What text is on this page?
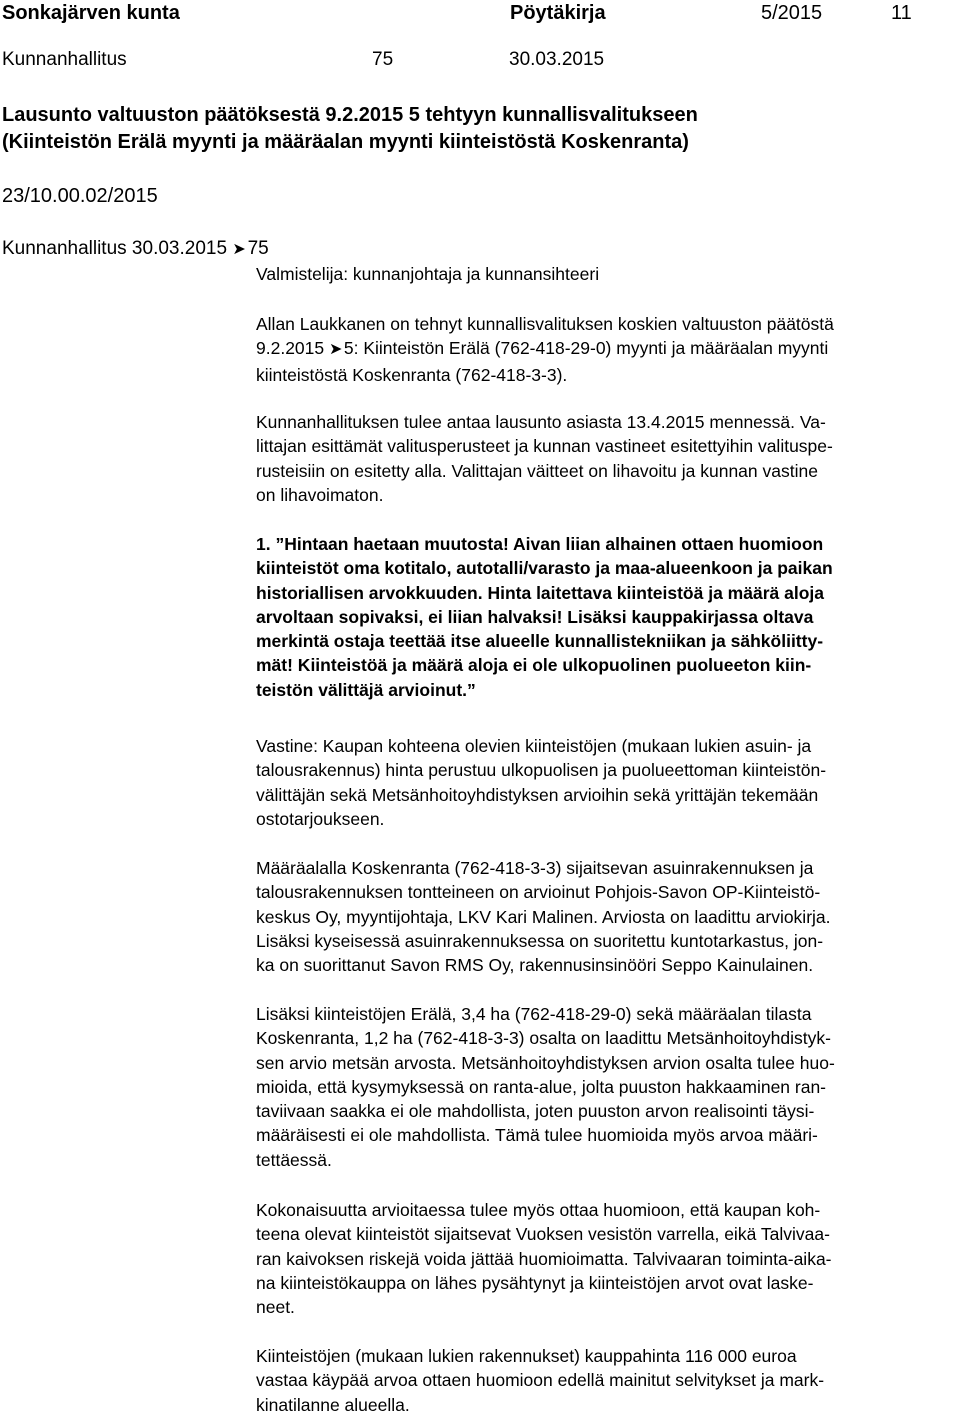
Sonkajärven kunta	Pöytäkirja	5/2015	11
Kunnanhallitus	75	30.03.2015
Lausunto valtuuston päätöksestä 9.2.2015 5 tehtyyn kunnallisvalitukseen
(Kiinteistön Erälä myynti ja määräalan myynti kiinteistöstä Koskenranta)
23/10.00.02/2015
Kunnanhallitus 30.03.2015 ➤ 75
Valmistelija: kunnanjohtaja ja kunnansihteeri
Allan Laukkanen on tehnyt kunnallisvalituksen koskien valtuuston päätöstä
9.2.2015 ➤ 5: Kiinteistön Erälä (762-418-29-0) myynti ja määräalan myynti
kiinteistöstä Koskenranta (762-418-3-3).
Kunnanhallituksen tulee antaa lausunto asiasta 13.4.2015 mennessä. Va-
littajan esittämät valitusperusteet ja kunnan vastineet esitettyihin valituspe-
rusteisiin on esitetty alla. Valittajan väitteet on lihavoitu ja kunnan vastine
on lihavoimaton.
1. ”Hintaan haetaan muutosta! Aivan liian alhainen ottaen huomioon
kiinteistöt oma kotitalo, autotalli/varasto ja maa-alueenkoon ja paikan
historiallisen arvokkuuden. Hinta laitettava kiinteistöä ja määrä aloja
arvoltaan sopivaksi, ei liian halvaksi! Lisäksi kauppakirjassa oltava
merkintä ostaja teettää itse alueelle kunnallistekniikan ja sähköliitty-
mät! Kiinteistöä ja määrä aloja ei ole ulkopuolinen puolueeton kiin-
teistön välittäjä arvioinut.”
Vastine: Kaupan kohteena olevien kiinteistöjen (mukaan lukien asuin- ja
talousrakennus) hinta perustuu ulkopuolisen ja puolueettoman kiinteistön-
välittäjän sekä Metsänhoitoyhdistyksen arvioihin sekä yrittäjän tekemään
ostotarjoukseen.
Määräalalla Koskenranta (762-418-3-3) sijaitsevan asuinrakennuksen ja
talousrakennuksen tontteineen on arvioinut Pohjois-Savon OP-Kiinteistö-
keskus Oy, myyntijohtaja, LKV Kari Malinen. Arviosta on laadittu arviokirja.
Lisäksi kyseisessä asuinrakennuksessa on suoritettu kuntotarkastus, jon-
ka on suorittanut Savon RMS Oy, rakennusinsinööri Seppo Kainulainen.
Lisäksi kiinteistöjen Erälä, 3,4 ha (762-418-29-0) sekä määräalan tilasta
Koskenranta, 1,2 ha (762-418-3-3) osalta on laadittu Metsänhoitoyhdistyk-
sen arvio metsän arvosta. Metsänhoitoyhdistyksen arvion osalta tulee huo-
mioida, että kysymyksessä on ranta-alue, jolta puuston hakkaaminen ran-
taviivaan saakka ei ole mahdollista, joten puuston arvon realisointi täysi-
määräisesti ei ole mahdollista. Tämä tulee huomioida myös arvoa määri-
tettäessä.
Kokonaisuutta arvioitaessa tulee myös ottaa huomioon, että kaupan koh-
teena olevat kiinteistöt sijaitsevat Vuoksen vesistön varrella, eikä Talvivaa-
ran kaivoksen riskejä voida jättää huomioimatta. Talvivaaran toiminta-aika-
na kiinteistökauppa on lähes pysähtynyt ja kiinteistöjen arvot ovat laske-
neet.
Kiinteistöjen (mukaan lukien rakennukset) kauppahinta 116 000 euroa
vastaa käypää arvoa ottaen huomioon edellä mainitut selvitykset ja mark-
kinatilanne alueella.
